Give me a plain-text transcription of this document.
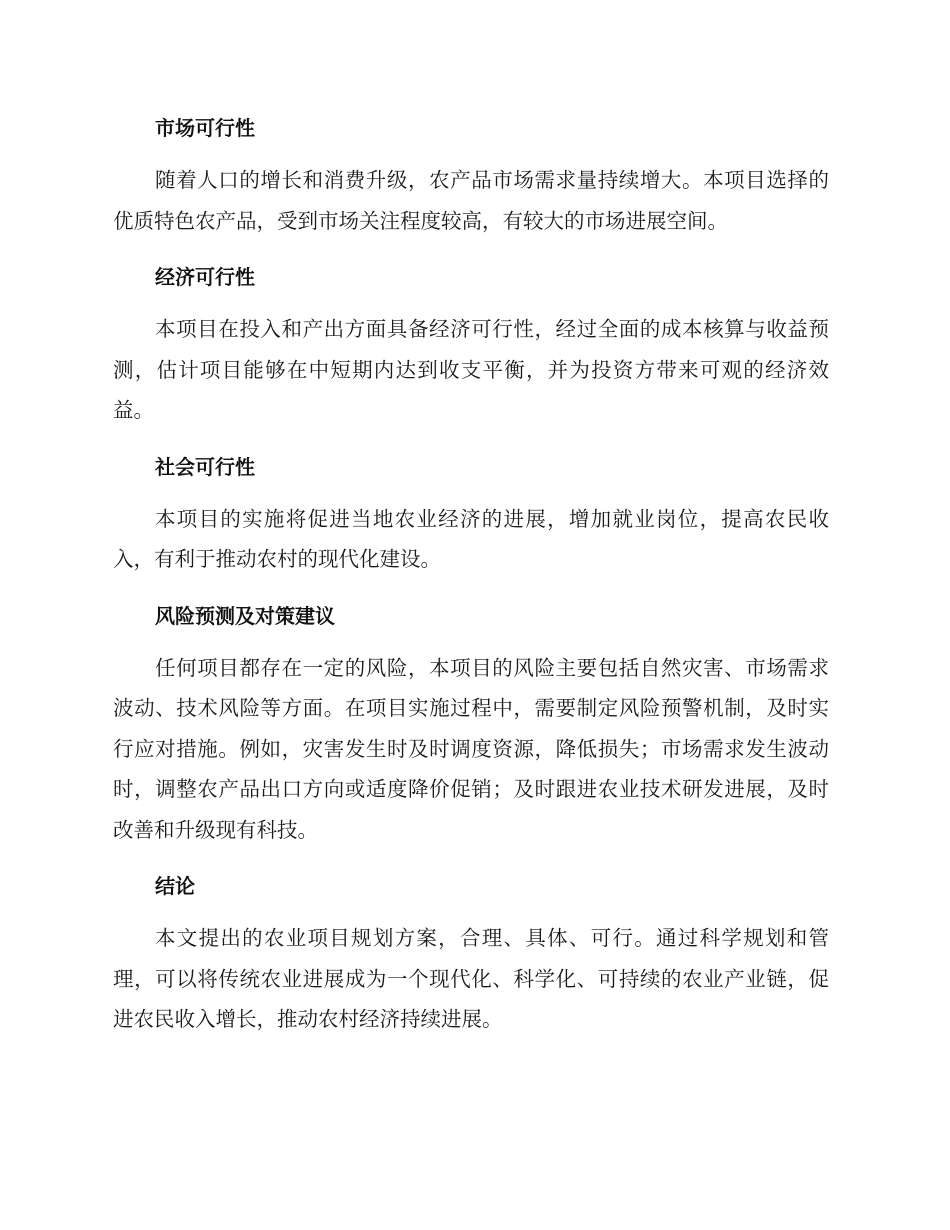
市场可行性

随着人口的增长和消费升级，农产品市场需求量持续增大。本项目选择的优质特色农产品，受到市场关注程度较高，有较大的市场进展空间。

经济可行性

本项目在投入和产出方面具备经济可行性，经过全面的成本核算与收益预测，估计项目能够在中短期内达到收支平衡，并为投资方带来可观的经济效益。

社会可行性

本项目的实施将促进当地农业经济的进展，增加就业岗位，提高农民收入，有利于推动农村的现代化建设。

风险预测及对策建议

任何项目都存在一定的风险，本项目的风险主要包括自然灾害、市场需求波动、技术风险等方面。在项目实施过程中，需要制定风险预警机制，及时实行应对措施。例如，灾害发生时及时调度资源，降低损失；市场需求发生波动时，调整农产品出口方向或适度降价促销；及时跟进农业技术研发进展，及时改善和升级现有科技。

结论

本文提出的农业项目规划方案，合理、具体、可行。通过科学规划和管理，可以将传统农业进展成为一个现代化、科学化、可持续的农业产业链，促进农民收入增长，推动农村经济持续进展。
